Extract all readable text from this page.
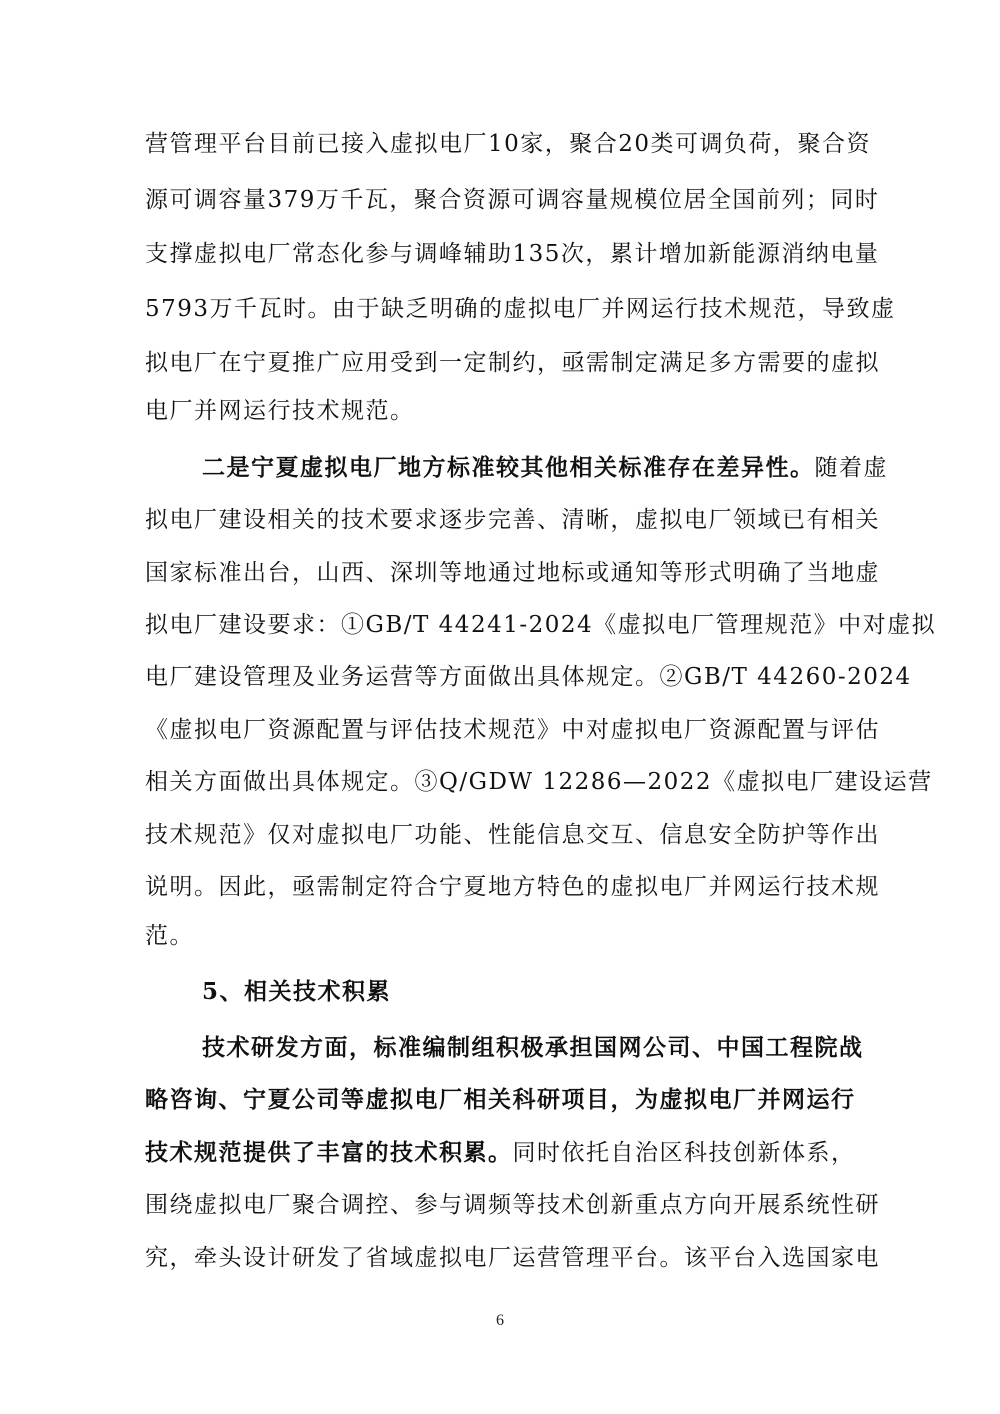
营管理平台目前已接入虚拟电厂10家，聚合20类可调负荷，聚合资
源可调容量379万千瓦，聚合资源可调容量规模位居全国前列；同时
支撑虚拟电厂常态化参与调峰辅助135次，累计增加新能源消纳电量
5793万千瓦时。由于缺乏明确的虚拟电厂并网运行技术规范，导致虚
拟电厂在宁夏推广应用受到一定制约，亟需制定满足多方需要的虚拟
电厂并网运行技术规范。
二是宁夏虚拟电厂地方标准较其他相关标准存在差异性。随着虚
拟电厂建设相关的技术要求逐步完善、清晰，虚拟电厂领域已有相关
国家标准出台，山西、深圳等地通过地标或通知等形式明确了当地虚
拟电厂建设要求：①GB/T 44241-2024《虚拟电厂管理规范》中对虚拟
电厂建设管理及业务运营等方面做出具体规定。②GB/T 44260-2024
《虚拟电厂资源配置与评估技术规范》中对虚拟电厂资源配置与评估
相关方面做出具体规定。③Q/GDW 12286—2022《虚拟电厂建设运营
技术规范》仅对虚拟电厂功能、性能信息交互、信息安全防护等作出
说明。因此，亟需制定符合宁夏地方特色的虚拟电厂并网运行技术规
范。
5、相关技术积累
技术研发方面，标准编制组积极承担国网公司、中国工程院战
略咨询、宁夏公司等虚拟电厂相关科研项目，为虚拟电厂并网运行
技术规范提供了丰富的技术积累。同时依托自治区科技创新体系，
围绕虚拟电厂聚合调控、参与调频等技术创新重点方向开展系统性研
究，牵头设计研发了省域虚拟电厂运营管理平台。该平台入选国家电
6
